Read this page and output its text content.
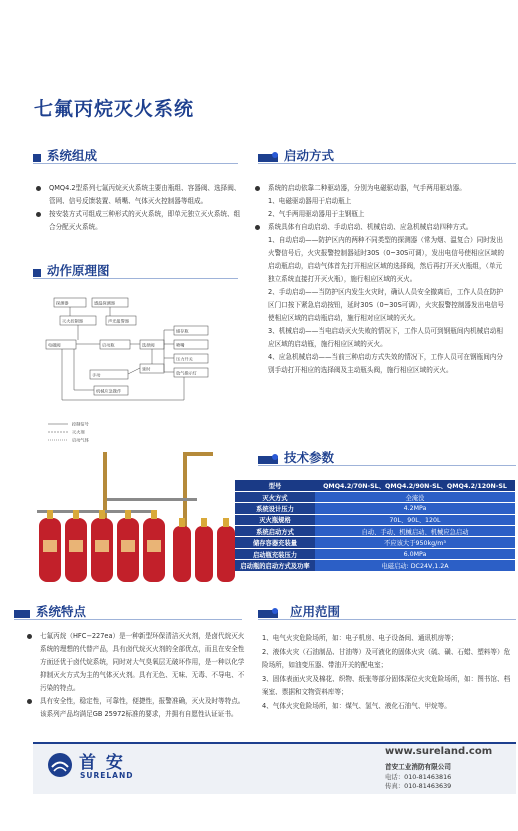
七氟丙烷灭火系统
系统组成
QMQ4.2型系列七氟丙烷灭火系统主要由瓶组、容器阀、选择阀、管网、信号反馈装置、喷嘴、气体灭火控制器等组成。
按安装方式可组成三种形式的灭火系统，即单元独立灭火系统、组合分配灭火系统。
动作原理图
探测器	感温探测器
灭火控制器	声光报警器
电磁阀	启动瓶	选择阀
储存瓶
喷嘴
压力开关
放气指示灯
延时
手动
机械应急操作
控制信号
灭火剂
启动气体
启动方式
系统的启动依靠二种驱动器，分别为电磁驱动器，气手两用驱动器。
1、电磁驱动器用于启动瓶上
2、气手两用驱动器用于主钢瓶上
系统具体有自动启动、手动启动、机械启动、应急机械启动四种方式。
1、自动启动——防护区内的两种不同类型的探测器（常为烟、温复合）同时发出火警信号后，火灾报警控制器延时30S（0~30S可调），发出电信号使相应区域的启动瓶启动，启动气体首先打开相应区域的选择阀，然后再打开灭火瓶组，（单元独立系统直接打开灭火瓶），施行相应区域的灭火。
2、手动启动——当防护区内发生火灾时，确认人员安全撤离后，工作人员在防护区门口按下紧急启动按钮，延时30S（0~30S可调），火灾报警控制器发出电信号使相应区域的启动瓶启动，施行相对应区域的灭火。
3、机械启动——当电启动灭火失败的情况下，工作人员可到钢瓶间内机械启动相应区域的启动瓶，施行相应区域的灭火。
4、应急机械启动——当前三种启动方式失效的情况下，工作人员可在钢瓶间内分别手动打开相应的选择阀及主动瓶头阀，施行相应区域的灭火。
技术参数
型号	QMQ4.2/70N-SL、QMQ4.2/90N-SL、QMQ4.2/120N-SL
灭火方式	全淹没
系统设计压力	4.2MPa
灭火瓶规格	70L、90L、120L
系统启动方式	自动、手动、机械启动、机械应急启动
储存容器充装量	不应该大于950kg/m³
启动瓶充装压力	6.0MPa
启动瓶的启动方式及功率	电磁启动: DC24V,1.2A
系统特点
七氟丙烷（HFC−227ea）是一种新型环保清洁灭火剂，是卤代烷灭火系统的理想的代替产品，具有卤代烷灭火剂的全部优点，而且在安全性方面还优于卤代烷系统，同时对大气臭氧层无破坏作用，是一种以化学抑制灭火方式为主的气体灭火剂。具有无色、无味、无毒、不导电、不污染的特点。
具有安全性，稳定性，可靠性，便捷性，报警准确，灭火及时等特点。该系列产品均满足GB 25972标准的要求，并拥有自愿性认证证书。
应用范围
1、电气火灾危险场所，如：电子机房、电子设备间、通讯机房等；
2、液体火灾（石油制品、甘油等）及可液化的固体火灾（硫、磺、石蜡、塑料等）危险场所，如油变压器、带油开关的配电室；
3、固体表面火灾及棉花、织物、纸张等部分固体深位火灾危险场所，如：图书馆、档案室、票据和文物资料库等；
4、气体火灾危险场所，如：煤气、氢气、液化石油气、甲烷等。
首 安
SURELAND
www.sureland.com
首安工业消防有限公司
电话：010-81463816
传真：010-81463639
